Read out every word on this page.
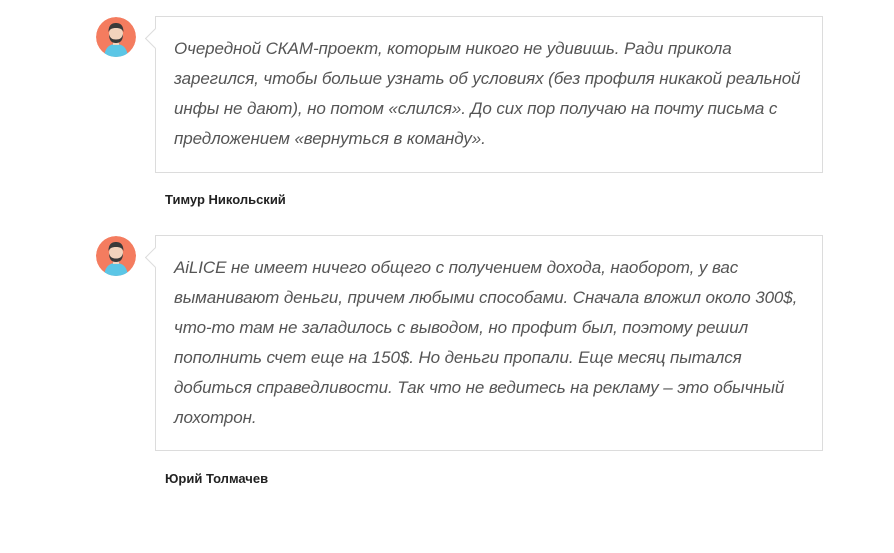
Очередной СКАМ-проект, которым никого не удивишь. Ради прикола зарегился, чтобы больше узнать об условиях (без профиля никакой реальной инфы не дают), но потом «слился». До сих пор получаю на почту письма с предложением «вернуться в команду».

Тимур Никольский

AiLICE не имеет ничего общего с получением дохода, наоборот, у вас выманивают деньги, причем любыми способами. Сначала вложил около 300$, что-то там не заладилось с выводом, но профит был, поэтому решил пополнить счет еще на 150$. Но деньги пропали. Еще месяц пытался добиться справедливости. Так что не ведитесь на рекламу – это обычный лохотрон.

Юрий Толмачев
